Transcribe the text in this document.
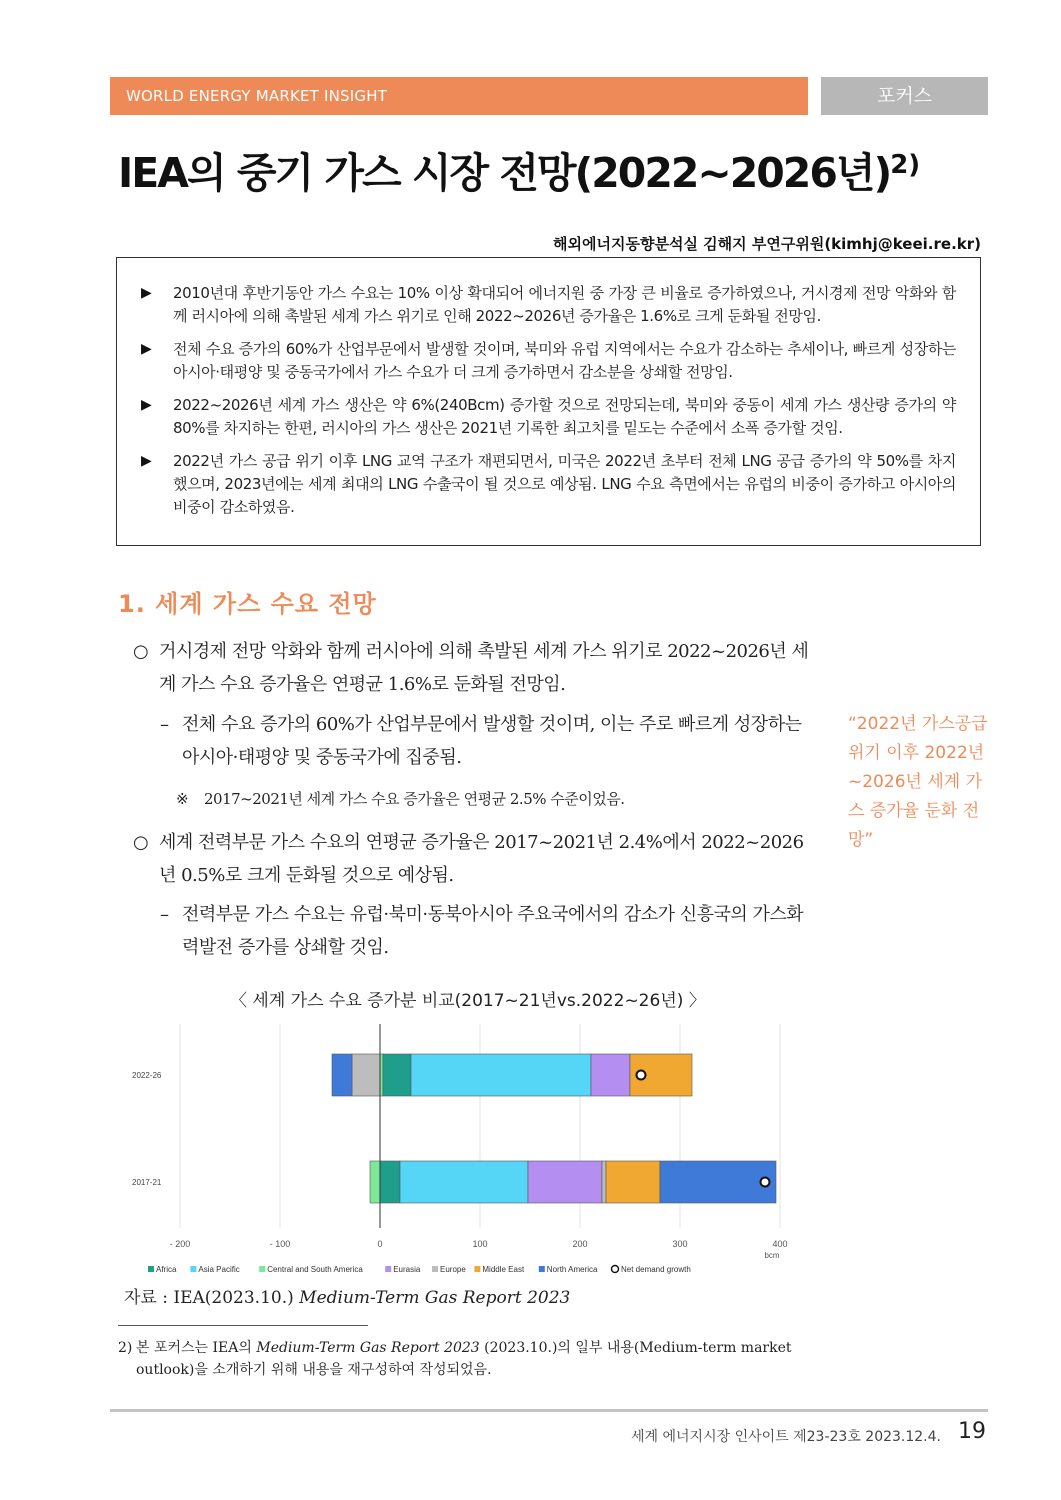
WORLD ENERGY MARKET INSIGHT	포커스
IEA의 중기 가스 시장 전망(2022~2026년)$^{2)}$
해외에너지동향분석실 김해지 부연구위원(kimhj@keei.re.kr)
▶	2010년대 후반기동안 가스 수요는 10% 이상 확대되어 에너지원 중 가장 큰 비율로 증가하였으나, 거시경제 전망 악화와 함께 러시아에 의해 촉발된 세계 가스 위기로 인해 2022~2026년 증가율은 1.6%로 크게 둔화될 전망임.
▶	전체 수요 증가의 60%가 산업부문에서 발생할 것이며, 북미와 유럽 지역에서는 수요가 감소하는 추세이나, 빠르게 성장하는 아시아·태평양 및 중동국가에서 가스 수요가 더 크게 증가하면서 감소분을 상쇄할 전망임.
▶	2022~2026년 세계 가스 생산은 약 6%(240Bcm) 증가할 것으로 전망되는데, 북미와 중동이 세계 가스 생산량 증가의 약 80%를 차지하는 한편, 러시아의 가스 생산은 2021년 기록한 최고치를 밑도는 수준에서 소폭 증가할 것임.
▶	2022년 가스 공급 위기 이후 LNG 교역 구조가 재편되면서, 미국은 2022년 초부터 전체 LNG 공급 증가의 약 50%를 차지했으며, 2023년에는 세계 최대의 LNG 수출국이 될 것으로 예상됨. LNG 수요 측면에서는 유럽의 비중이 증가하고 아시아의 비중이 감소하였음.
1. 세계 가스 수요 전망
○ 거시경제 전망 악화와 함께 러시아에 의해 촉발된 세계 가스 위기로 2022~2026년 세계 가스 수요 증가율은 연평균 1.6%로 둔화될 전망임.
– 전체 수요 증가의 60%가 산업부문에서 발생할 것이며, 이는 주로 빠르게 성장하는 아시아·태평양 및 중동국가에 집중됨.
※	2017~2021년 세계 가스 수요 증가율은 연평균 2.5% 수준이었음.
○ 세계 전력부문 가스 수요의 연평균 증가율은 2017~2021년 2.4%에서 2022~2026년 0.5%로 크게 둔화될 것으로 예상됨.
– 전력부문 가스 수요는 유럽·북미·동북아시아 주요국에서의 감소가 신흥국의 가스화력발전 증가를 상쇄할 것임.
“2022년 가스공급위기 이후 2022년~2026년 세계 가스 증가율 둔화 전망”
〈 세계 가스 수요 증가분 비교(2017~21년vs.2022~26년) 〉
- 200	- 100	0	100	200	300	400
bcm
2022-26
2017-21
Africa	Asia Pacific	Central and South America	Eurasia Europe Middle East	North America	Net demand growth
자료 : IEA(2023.10.) Medium-Term Gas Report 2023
2) 본 포커스는 IEA의 Medium-Term Gas Report 2023 (2023.10.)의 일부 내용(Medium-term market outlook)을 소개하기 위해 내용을 재구성하여 작성되었음.
세계 에너지시장 인사이트 제23-23호 2023.12.4. 19
